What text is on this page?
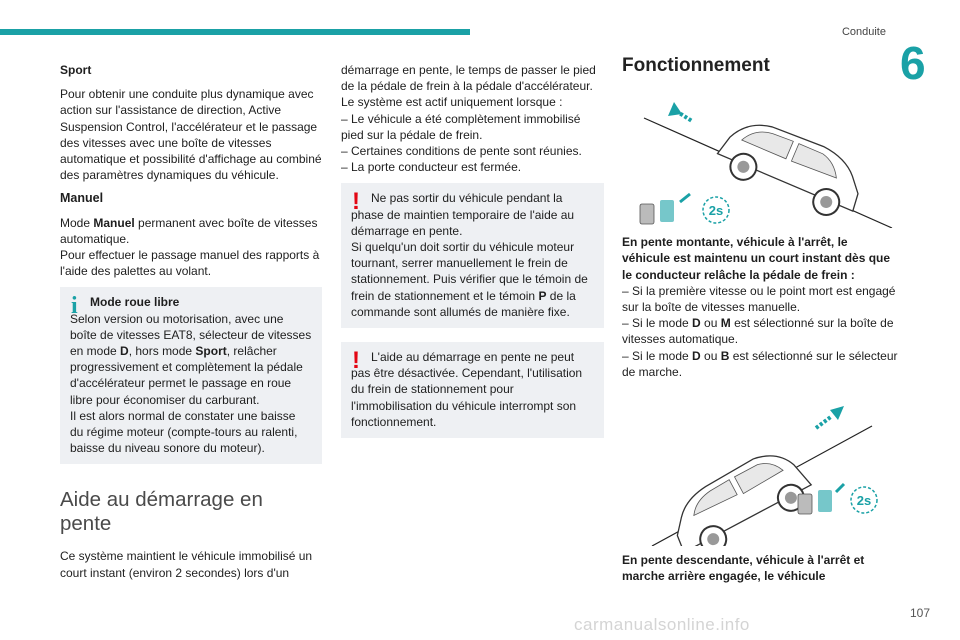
Conduite
6
Sport

Pour obtenir une conduite plus dynamique avec action sur l'assistance de direction, Active Suspension Control, l'accélérateur et le passage des vitesses avec une boîte de vitesses automatique et possibilité d'affichage au combiné des paramètres dynamiques du véhicule.

Manuel

Mode Manuel permanent avec boîte de vitesses automatique.

Pour effectuer le passage manuel des rapports à l'aide des palettes au volant.

i	Mode roue libre

Selon version ou motorisation, avec une boîte de vitesses EAT8, sélecteur de vitesses en mode D, hors mode Sport, relâcher progressivement et complètement la pédale d'accélérateur permet le passage en roue libre pour économiser du carburant.

Il est alors normal de constater une baisse du régime moteur (compte-tours au ralenti, baisse du niveau sonore du moteur).

Aide au démarrage en
pente

Ce système maintient le véhicule immobilisé un court instant (environ 2 secondes) lors d'un

démarrage en pente, le temps de passer le pied de la pédale de frein à la pédale d'accélérateur.

Le système est actif uniquement lorsque :

– Le véhicule a été complètement immobilisé pied sur la pédale de frein.

– Certaines conditions de pente sont réunies.

– La porte conducteur est fermée.

! Ne pas sortir du véhicule pendant la phase de maintien temporaire de l'aide au démarrage en pente.

Si quelqu'un doit sortir du véhicule moteur tournant, serrer manuellement le frein de stationnement. Puis vérifier que le témoin de frein de stationnement et le témoin P de la commande sont allumés de manière fixe.

! L'aide au démarrage en pente ne peut pas être désactivée. Cependant, l'utilisation du frein de stationnement pour l'immobilisation du véhicule interrompt son fonctionnement.

Fonctionnement
2s

En pente montante, véhicule à l'arrêt, le véhicule est maintenu un court instant dès que le conducteur relâche la pédale de frein :

– Si la première vitesse ou le point mort est engagé sur la boîte de vitesses manuelle.

– Si le mode D ou M est sélectionné sur la boîte de vitesses automatique.

– Si le mode D ou B est sélectionné sur le sélecteur de marche.

2s

En pente descendante, véhicule à l'arrêt et marche arrière engagée, le véhicule

107
carmanualsonline.info
